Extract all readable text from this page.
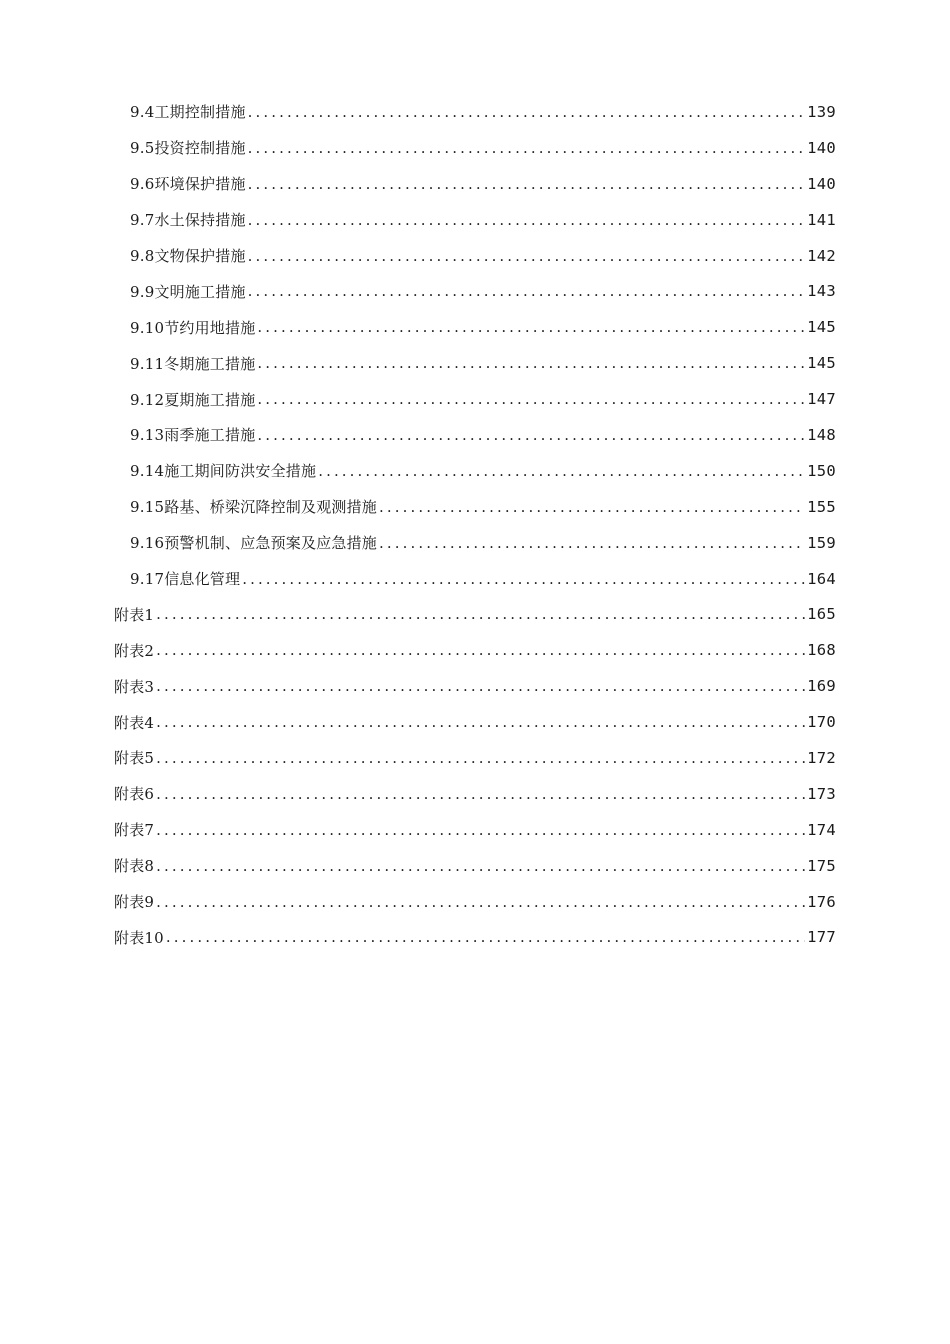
9.4工期控制措施 .....	139
9.5投资控制措施 .....	140
9.6环境保护措施 .....	140
9.7水土保持措施 .....	141
9.8文物保护措施 .....	142
9.9文明施工措施 .....	143
9.10节约用地措施 .....	145
9.11冬期施工措施 .....	145
9.12夏期施工措施 .....	147
9.13雨季施工措施 .....	148
9.14施工期间防洪安全措施 .....	150
9.15路基、桥梁沉降控制及观测措施 .....	155
9.16预警机制、应急预案及应急措施 .....	159
9.17信息化管理 .....	164
附表1 .....	165
附表2 .....	168
附表3 .....	169
附表4 .....	170
附表5 .....	172
附表6 .....	173
附表7 .....	174
附表8 .....	175
附表9 .....	176
附表10 .....	177
